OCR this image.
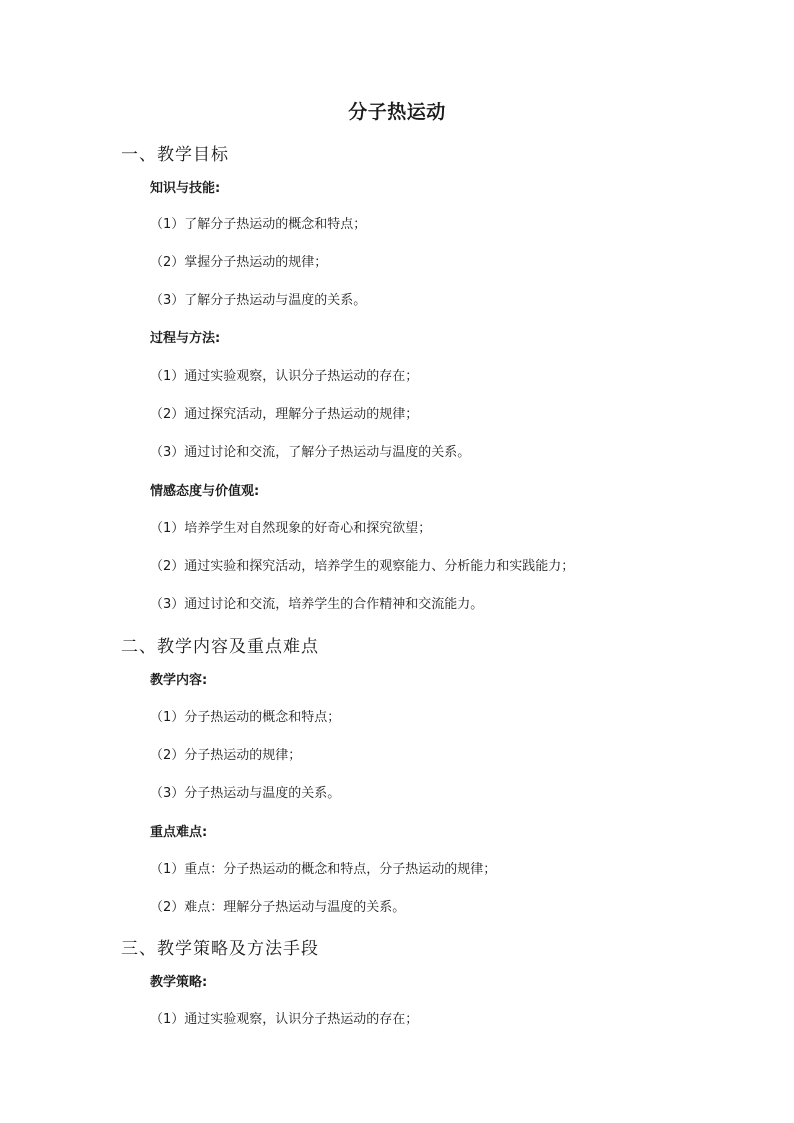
分子热运动
一、教学目标
知识与技能:
（1）了解分子热运动的概念和特点；
（2）掌握分子热运动的规律；
（3）了解分子热运动与温度的关系。
过程与方法:
（1）通过实验观察，认识分子热运动的存在；
（2）通过探究活动，理解分子热运动的规律；
（3）通过讨论和交流，了解分子热运动与温度的关系。
情感态度与价值观:
（1）培养学生对自然现象的好奇心和探究欲望；
（2）通过实验和探究活动，培养学生的观察能力、分析能力和实践能力；
（3）通过讨论和交流，培养学生的合作精神和交流能力。
二、教学内容及重点难点
教学内容:
（1）分子热运动的概念和特点；
（2）分子热运动的规律；
（3）分子热运动与温度的关系。
重点难点:
（1）重点：分子热运动的概念和特点，分子热运动的规律；
（2）难点：理解分子热运动与温度的关系。
三、教学策略及方法手段
教学策略:
（1）通过实验观察，认识分子热运动的存在；
